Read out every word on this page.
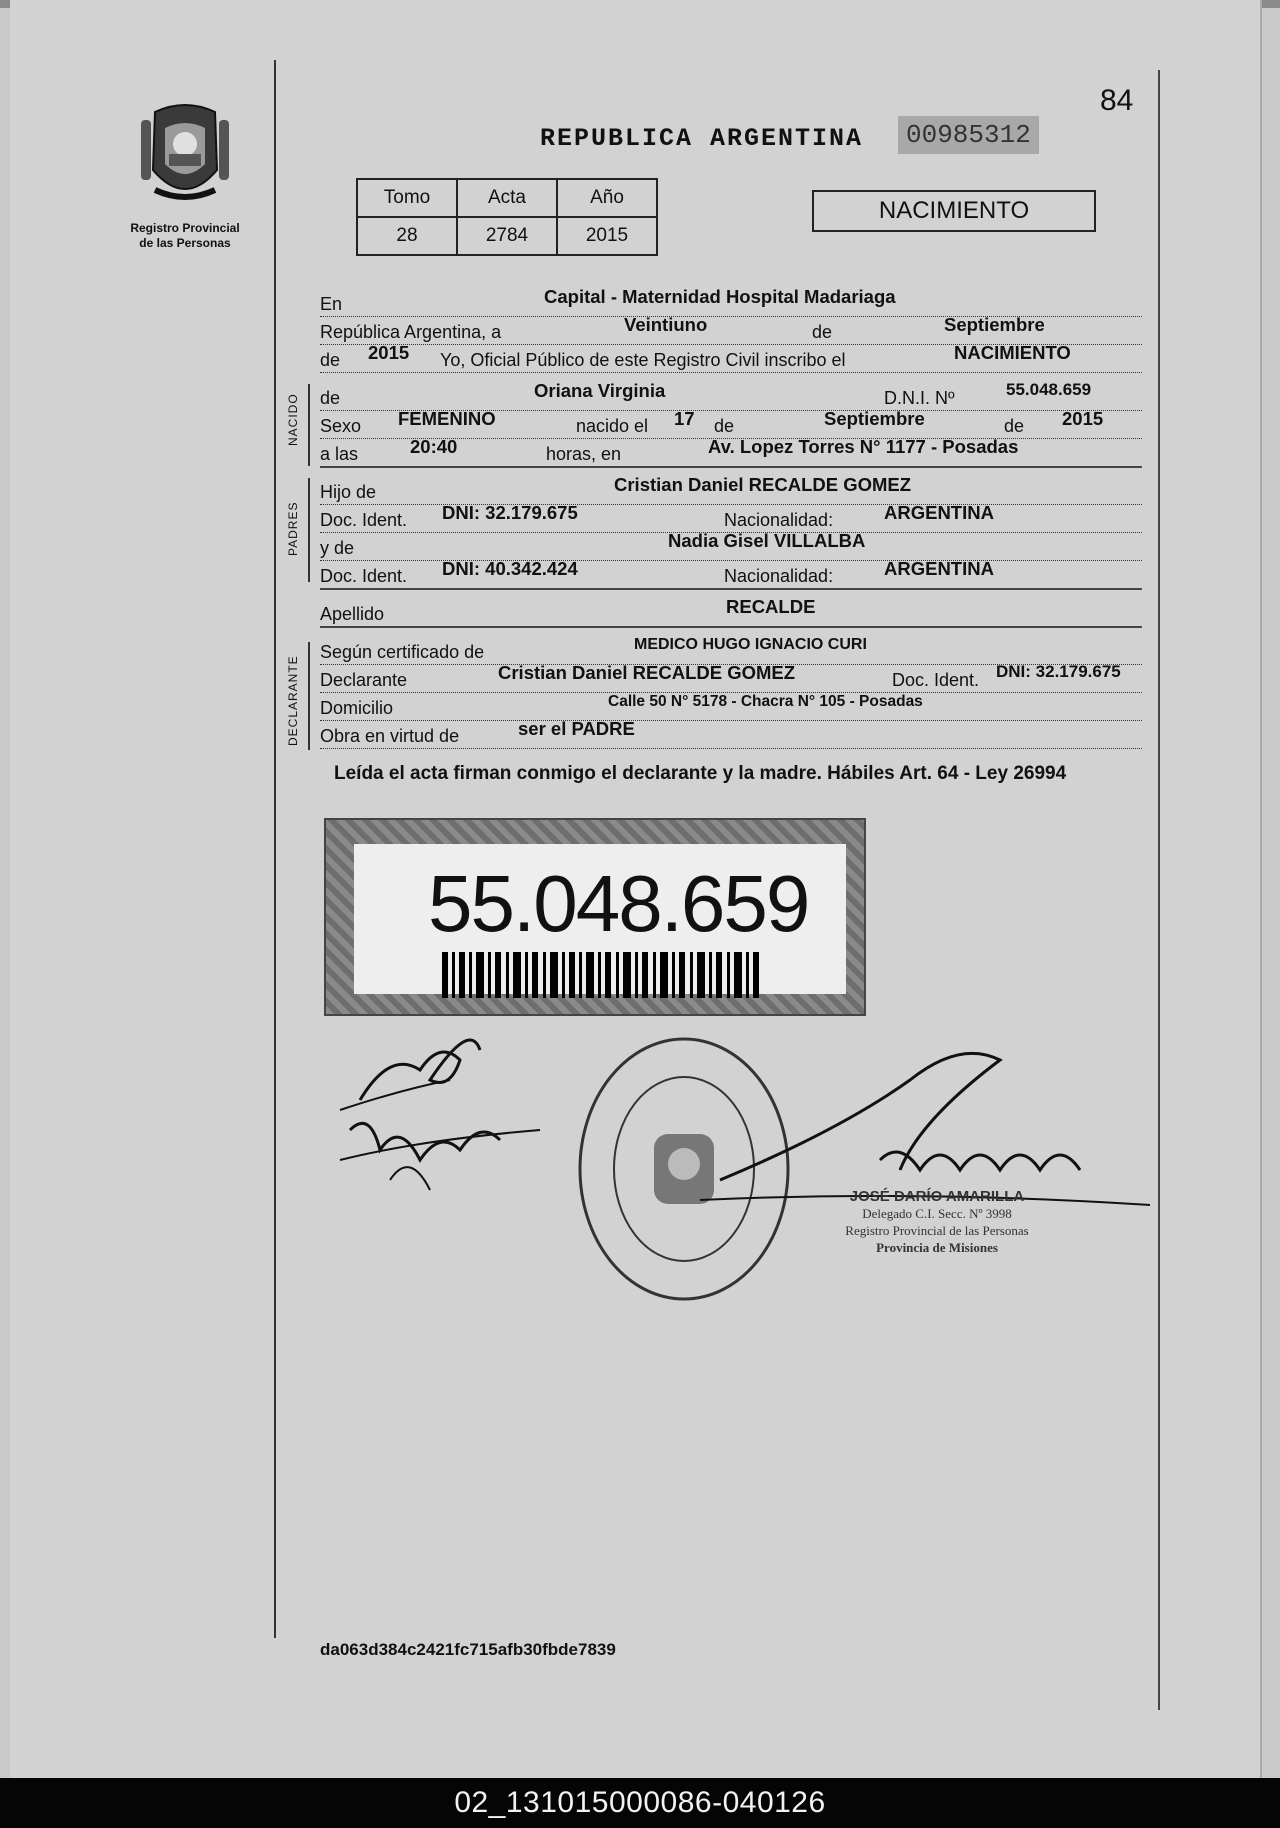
84
Registro Provincial
de las Personas
REPUBLICA ARGENTINA	00985312
Tomo	Acta	Año
28	2784	2015
NACIMIENTO
En	Capital - Maternidad Hospital Madariaga
República Argentina, a	Veintiuno	de	Septiembre
de 2015 Yo, Oficial Público de este Registro Civil inscribo el	NACIMIENTO
de	Oriana Virginia	D.N.I. Nº	55.048.659
Sexo FEMENINO	nacido el 17 de	Septiembre	de 2015
a las	20:40	horas, en	Av. Lopez Torres N° 1177 - Posadas
Hijo de	Cristian Daniel RECALDE GOMEZ
Doc. Ident. DNI: 32.179.675	Nacionalidad:	ARGENTINA
y de	Nadia Gisel VILLALBA
Doc. Ident. DNI: 40.342.424	Nacionalidad:	ARGENTINA
Apellido	RECALDE
Según certificado de	MEDICO HUGO IGNACIO CURI
Declarante	Cristian Daniel RECALDE GOMEZ	Doc. Ident. DNI: 32.179.675
Domicilio	Calle 50 N° 5178 - Chacra N° 105 - Posadas
Obra en virtud de	ser el PADRE
NACIDO
PADRES
DECLARANTE
Leída el acta firman conmigo el declarante y la madre. Hábiles Art. 64 - Ley 26994
55.048.659
JOSÉ DARÍO AMARILLA
Delegado C.I. Secc. Nº 3998
Registro Provincial de las Personas
Provincia de Misiones
da063d384c2421fc715afb30fbde7839
02_131015000086-040126
